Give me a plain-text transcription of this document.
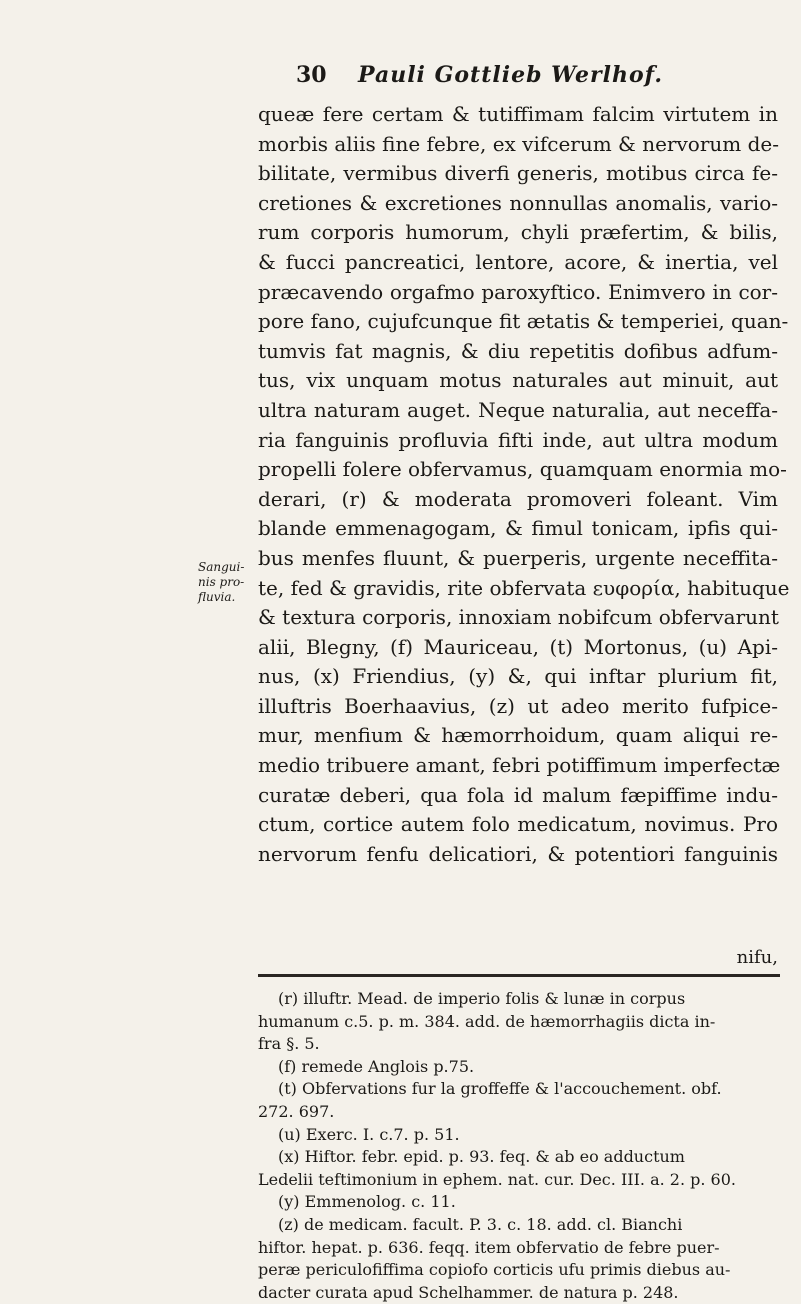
30 Pauli Gottlieb Werlhof.
Sangui-
nis pro-
fluvia.
queæ fere certam & tutiffimam falcim virtutem in
morbis aliis fine febre, ex vifcerum & nervorum de-
bilitate, vermibus diverfi generis, motibus circa fe-
cretiones & excretiones nonnullas anomalis, vario-
rum corporis humorum, chyli præfertim, & bilis,
& fucci pancreatici, lentore, acore, & inertia, vel
præcavendo orgafmo paroxyftico. Enimvero in cor-
pore fano, cujufcunque fit ætatis & temperiei, quan-
tumvis fat magnis, & diu repetitis dofibus adfum-
tus, vix unquam motus naturales aut minuit, aut
ultra naturam auget. Neque naturalia, aut neceffa-
ria fanguinis profluvia fifti inde, aut ultra modum
propelli folere obfervamus, quamquam enormia mo-
derari, (r) & moderata promoveri foleant. Vim
blande emmenagogam, & fimul tonicam, ipfis qui-
bus menfes fluunt, & puerperis, urgente neceffita-
te, fed & gravidis, rite obfervata ευφορία, habituque
& textura corporis, innoxiam nobifcum obfervarunt
alii, Blegny, (f) Mauriceau, (t) Mortonus, (u) Api-
nus, (x) Friendius, (y) &, qui inftar plurium fit,
illuftris Boerhaavius, (z) ut adeo merito fufpice-
mur, menfium & hæmorrhoidum, quam aliqui re-
medio tribuere amant, febri potiffimum imperfectæ
curatæ deberi, qua fola id malum fæpiffime indu-
ctum, cortice autem folo medicatum, novimus. Pro
nervorum fenfu delicatiori, & potentiori fanguinis
nifu,
(r) illuftr. Mead. de imperio folis & lunæ in corpus
humanum c.5. p. m. 384. add. de hæmorrhagiis dicta in-
fra §. 5.
(f) remede Anglois p.75.
(t) Obfervations fur la groffeffe & l'accouchement. obf.
272. 697.
(u) Exerc. I. c.7. p. 51.
(x) Hiftor. febr. epid. p. 93. feq. & ab eo adductum
Ledelii teftimonium in ephem. nat. cur. Dec. III. a. 2. p. 60.
(y) Emmenolog. c. 11.
(z) de medicam. facult. P. 3. c. 18. add. cl. Bianchi
hiftor. hepat. p. 636. feqq. item obfervatio de febre puer-
peræ periculofiffima copiofo corticis ufu primis diebus au-
dacter curata apud Schelhammer. de natura p. 248.
